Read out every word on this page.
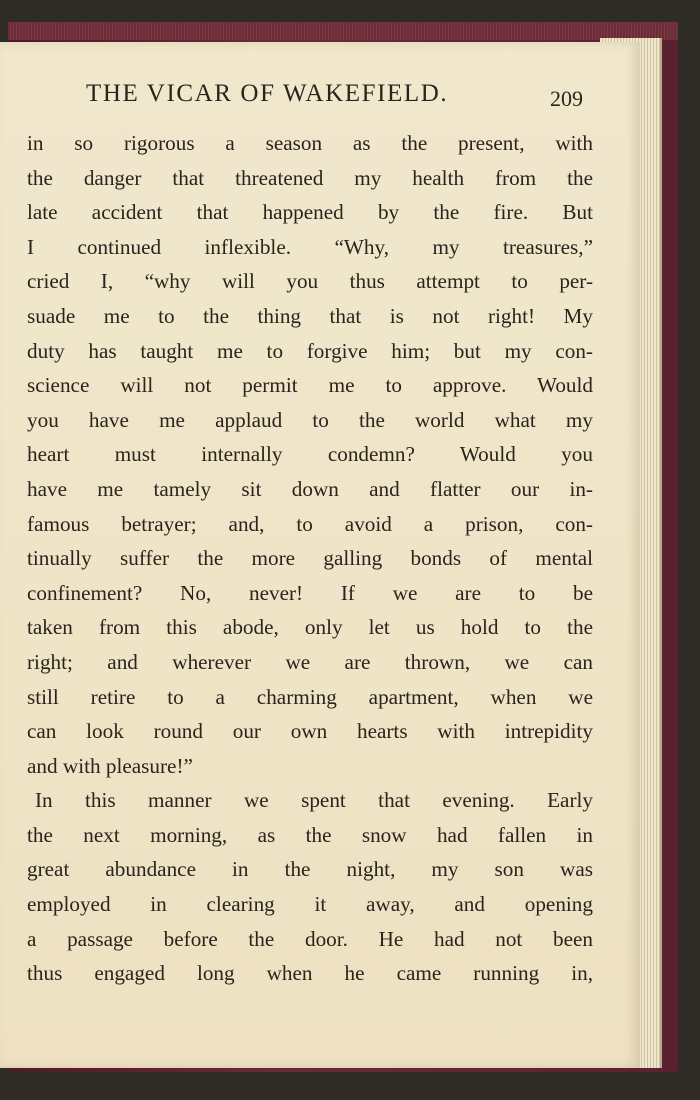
THE VICAR OF WAKEFIELD.	209
in so rigorous a season as the present, with
the danger that threatened my health from the
late accident that happened by the fire. But
I continued inflexible. “Why, my treasures,”
cried I, “why will you thus attempt to per-
suade me to the thing that is not right! My
duty has taught me to forgive him; but my con-
science will not permit me to approve. Would
you have me applaud to the world what my
heart must internally condemn? Would you
have me tamely sit down and flatter our in-
famous betrayer; and, to avoid a prison, con-
tinually suffer the more galling bonds of mental
confinement? No, never! If we are to be
taken from this abode, only let us hold to the
right; and wherever we are thrown, we can
still retire to a charming apartment, when we
can look round our own hearts with intrepidity
and with pleasure!”
In this manner we spent that evening. Early
the next morning, as the snow had fallen in
great abundance in the night, my son was
employed in clearing it away, and opening
a passage before the door. He had not been
thus engaged long when he came running in,
